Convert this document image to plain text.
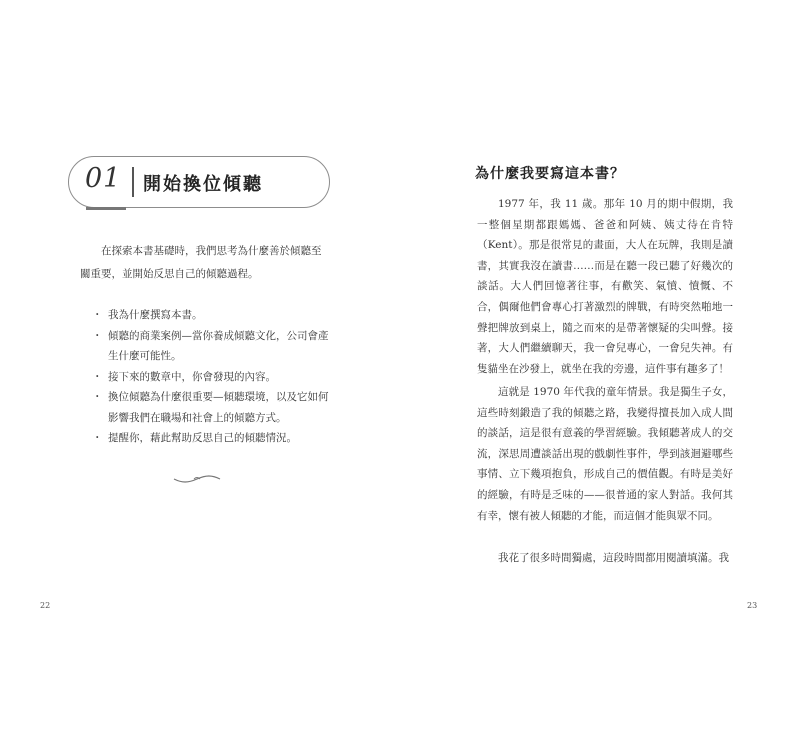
01 開始換位傾聽

在探索本書基礎時，我們思考為什麼善於傾聽至關重要，並開始反思自己的傾聽過程。

・ 我為什麼撰寫本書。
・ 傾聽的商業案例—當你養成傾聽文化，公司會產生什麼可能性。
・ 接下來的數章中，你會發現的內容。
・ 換位傾聽為什麼很重要—傾聽環境，以及它如何影響我們在職場和社會上的傾聽方式。
・ 提醒你，藉此幫助反思自己的傾聽情況。
22
為什麼我要寫這本書？

1977 年，我 11 歲。那年 10 月的期中假期，我一整個星期都跟媽媽、爸爸和阿姨、姨丈待在肯特（Kent）。那是很常見的畫面，大人在玩牌，我則是讀書，其實我沒在讀書……而是在聽一段已聽了好幾次的談話。大人們回憶著往事，有歡笑、氣憤、憤慨、不合，偶爾他們會專心打著激烈的牌戰，有時突然啪地一聲把牌放到桌上，隨之而來的是帶著懷疑的尖叫聲。接著，大人們繼續聊天，我一會兒專心，一會兒失神。有隻貓坐在沙發上，就坐在我的旁邊，這件事有趣多了！

這就是 1970 年代我的童年情景。我是獨生子女，這些時刻鍛造了我的傾聽之路，我變得擅長加入成人間的談話，這是很有意義的學習經驗。我傾聽著成人的交流，深思周遭談話出現的戲劇性事件，學到該迴避哪些事情、立下幾項抱負，形成自己的價值觀。有時是美好的經驗，有時是乏味的——很普通的家人對話。我何其有幸，懷有被人傾聽的才能，而這個才能與眾不同。

我花了很多時間獨處，這段時間都用閱讀填滿。我

23
